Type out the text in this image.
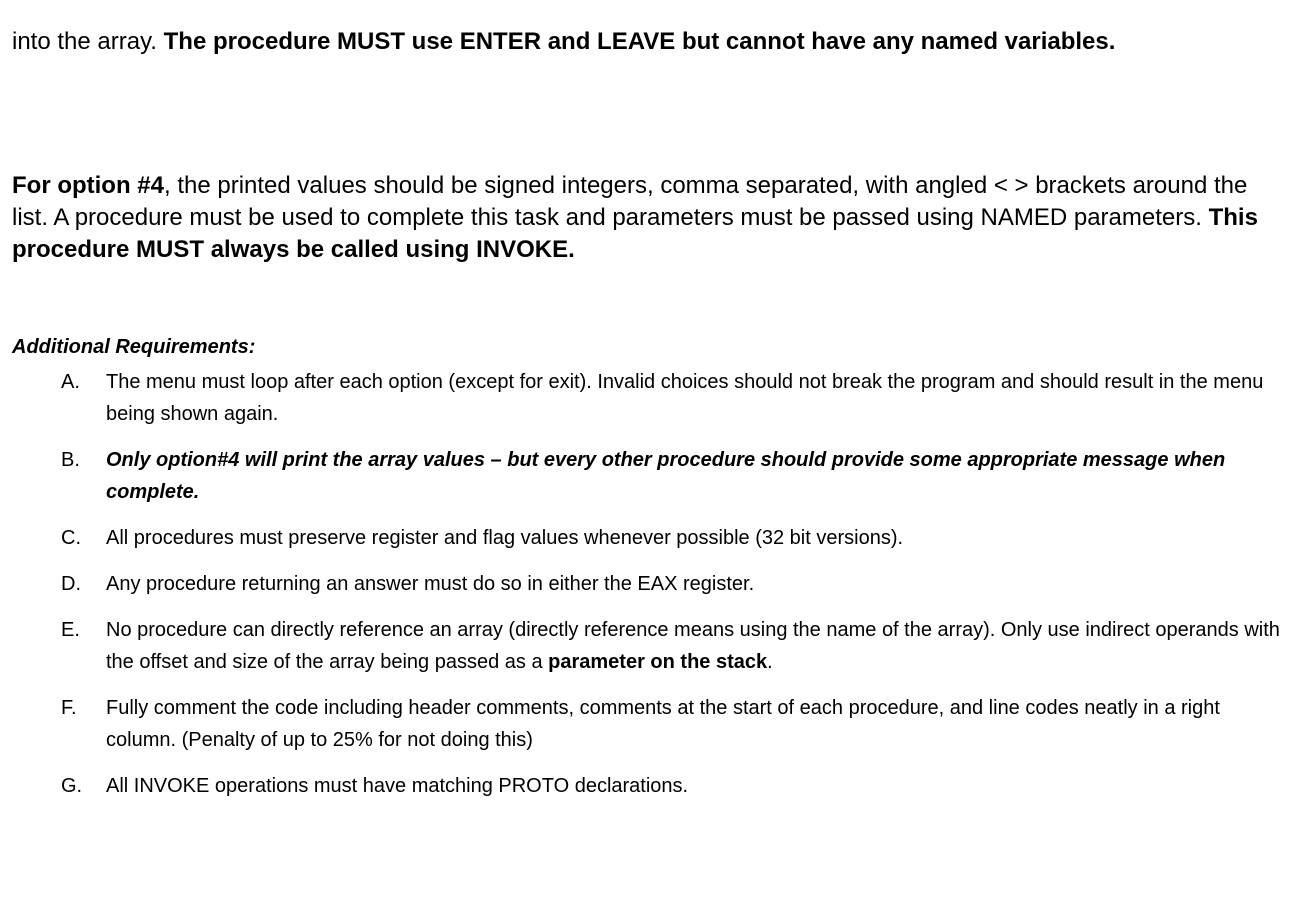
into the array. The procedure MUST use ENTER and LEAVE but cannot have any named variables.

For option #4, the printed values should be signed integers, comma separated, with angled < > brackets around the list. A procedure must be used to complete this task and parameters must be passed using NAMED parameters. This procedure MUST always be called using INVOKE.

Additional Requirements:

A. The menu must loop after each option (except for exit). Invalid choices should not break the program and should result in the menu being shown again.
B. Only option#4 will print the array values – but every other procedure should provide some appropriate message when complete.
C. All procedures must preserve register and flag values whenever possible (32 bit versions).
D. Any procedure returning an answer must do so in either the EAX register.
E. No procedure can directly reference an array (directly reference means using the name of the array). Only use indirect operands with the offset and size of the array being passed as a parameter on the stack.
F. Fully comment the code including header comments, comments at the start of each procedure, and line codes neatly in a right column. (Penalty of up to 25% for not doing this)
G. All INVOKE operations must have matching PROTO declarations.
